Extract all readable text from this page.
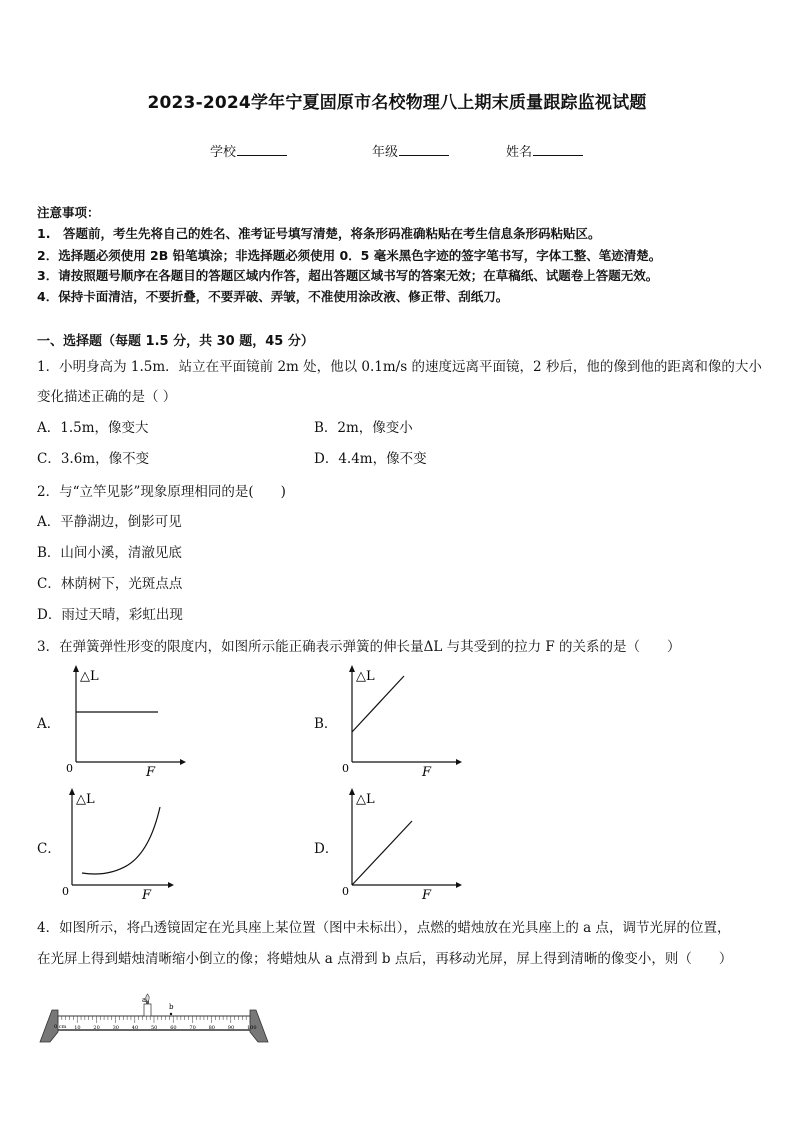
2023-2024学年宁夏固原市名校物理八上期末质量跟踪监视试题
学校	年级	姓名
注意事项：
1.　答题前，考生先将自己的姓名、准考证号填写清楚，将条形码准确粘贴在考生信息条形码粘贴区。
2．选择题必须使用 2B 铅笔填涂；非选择题必须使用 0．5 毫米黑色字迹的签字笔书写，字体工整、笔迹清楚。
3．请按照题号顺序在各题目的答题区域内作答，超出答题区域书写的答案无效；在草稿纸、试题卷上答题无效。
4．保持卡面清洁，不要折叠，不要弄破、弄皱，不准使用涂改液、修正带、刮纸刀。
一、选择题（每题 1.5 分，共 30 题，45 分）
1．小明身高为 1.5m．站立在平面镜前 2m 处，他以 0.1m/s 的速度远离平面镜，2 秒后，他的像到他的距离和像的大小
变化描述正确的是（ ）
A．1.5m，像变大	B．2m，像变小
C．3.6m，像不变	D．4.4m，像不变
2．与“立竿见影”现象原理相同的是(　　)
A．平静湖边，倒影可见
B．山间小溪，清澈见底
C．林荫树下，光斑点点
D．雨过天晴，彩虹出现
3．在弹簧弹性形变的限度内，如图所示能正确表示弹簧的伸长量ΔL 与其受到的拉力 F 的关系的是（　　）
A．
△L
F
0
B．
△L
F
0
C．
△L
F
0
D．
△L
F
0
4．如图所示，将凸透镜固定在光具座上某位置（图中未标出），点燃的蜡烛放在光具座上的 a 点，调节光屏的位置，
在光屏上得到蜡烛清晰缩小倒立的像；将蜡烛从 a 点滑到 b 点后，再移动光屏，屏上得到清晰的像变小，则（　　）
a
b
0 cm 10	20	30	40	50	60	70	80	90	100
